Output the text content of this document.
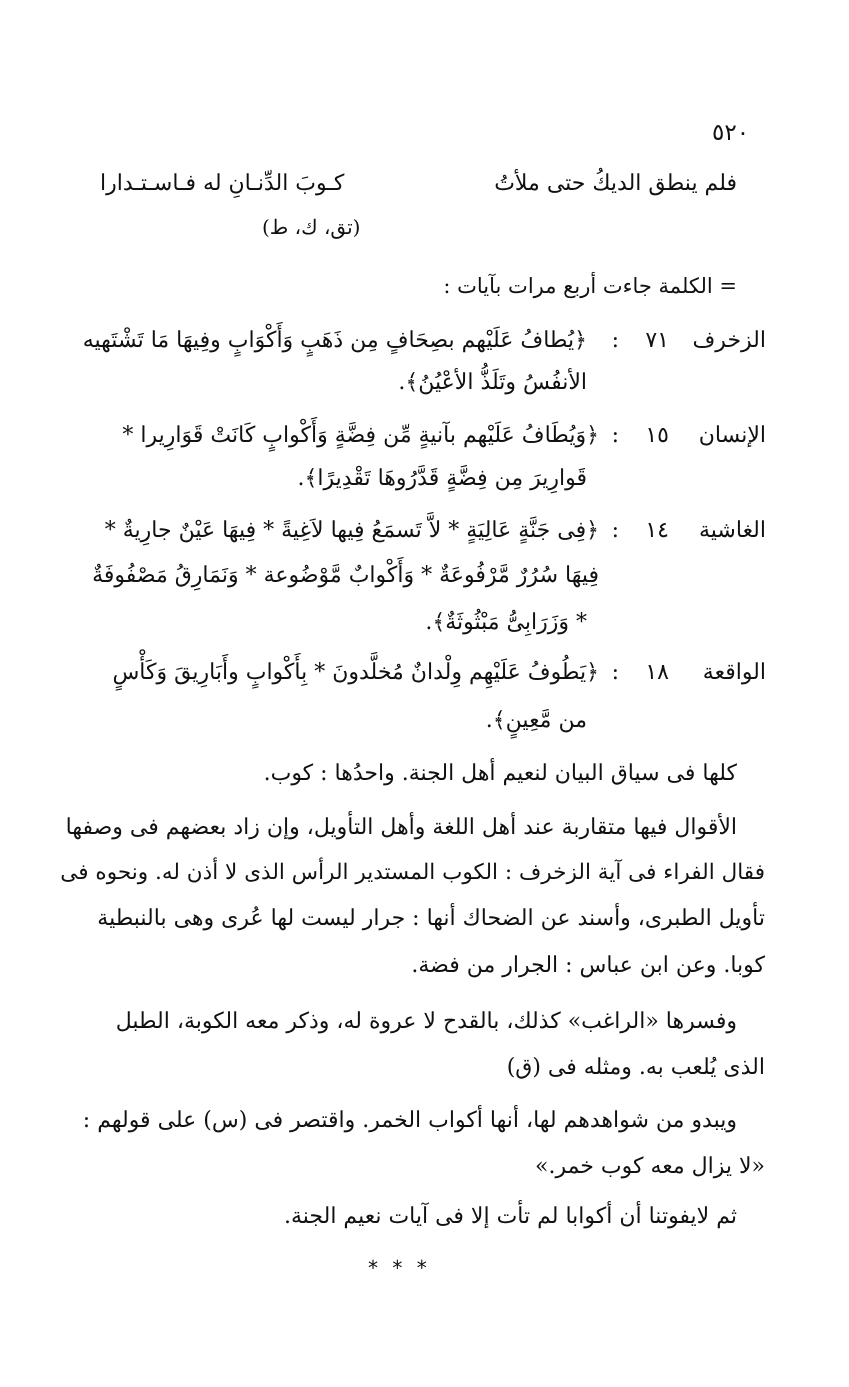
٥٢٠
فلم ينطق الديكُ حتى ملأتُ
كـوبَ الدِّنـانِ له فـاسـتـدارا
(تق، ك، ط)
= الكلمة جاءت أربع مرات بآيات :
الزخرف
٧١
:
﴿يُطافُ عَلَيْهم بصِحَافٍ مِن ذَهَبٍ وَأَكْوَابٍ وفِيهَا مَا تَشْتَهيه
الأنفُسُ وتَلَذُّ الأعْيُنُ﴾.
الإنسان
١٥
:
﴿وَيُطَافُ عَلَيْهم بآنيةٍ مِّن فِضَّةٍ وَأَكْوابٍ كَانَتْ قَوَارِيرا *
قَوارِيرَ مِن فِضَّةٍ قَدَّرُوهَا تَقْدِيرًا﴾.
الغاشية
١٤
:
﴿فِى جَنَّةٍ عَالِيَةٍ * لاَّ تَسمَعُ فِيها لاَغِيةً * فِيهَا عَيْنٌ جارِيةٌ *
فِيهَا سُرُرٌ مَّرْفُوعَةٌ * وَأَكْوابٌ مَّوْضُوعة * وَنَمَارِقُ مَصْفُوفَةٌ
* وَزَرَابِىُّ مَبْثُوثَةٌ﴾.
الواقعة
١٨
:
﴿يَطُوفُ عَلَيْهِم وِلْدانٌ مُخلَّدونَ * بِأَكْوابٍ وأَبَارِيقَ وَكَأْسٍ
من مَّعِينٍ﴾.
كلها فى سياق البيان لنعيم أهل الجنة. واحدُها : كوب.
الأقوال فيها متقاربة عند أهل اللغة وأهل التأويل، وإن زاد بعضهم فى وصفها
فقال الفراء فى آية الزخرف : الكوب المستدير الرأس الذى لا أذن له. ونحوه فى
تأويل الطبرى، وأسند عن الضحاك أنها : جرار ليست لها عُرى وهى بالنبطية
كوبا. وعن ابن عباس : الجرار من فضة.
وفسرها «الراغب» كذلك، بالقدح لا عروة له، وذكر معه الكوبة، الطبل
الذى يُلعب به. ومثله فى (ق)
ويبدو من شواهدهم لها، أنها أكواب الخمر. واقتصر فى (س) على قولهم :
«لا يزال معه كوب خمر.»
ثم لايفوتنا أن أكوابا لم تأت إلا فى آيات نعيم الجنة.
* * *
